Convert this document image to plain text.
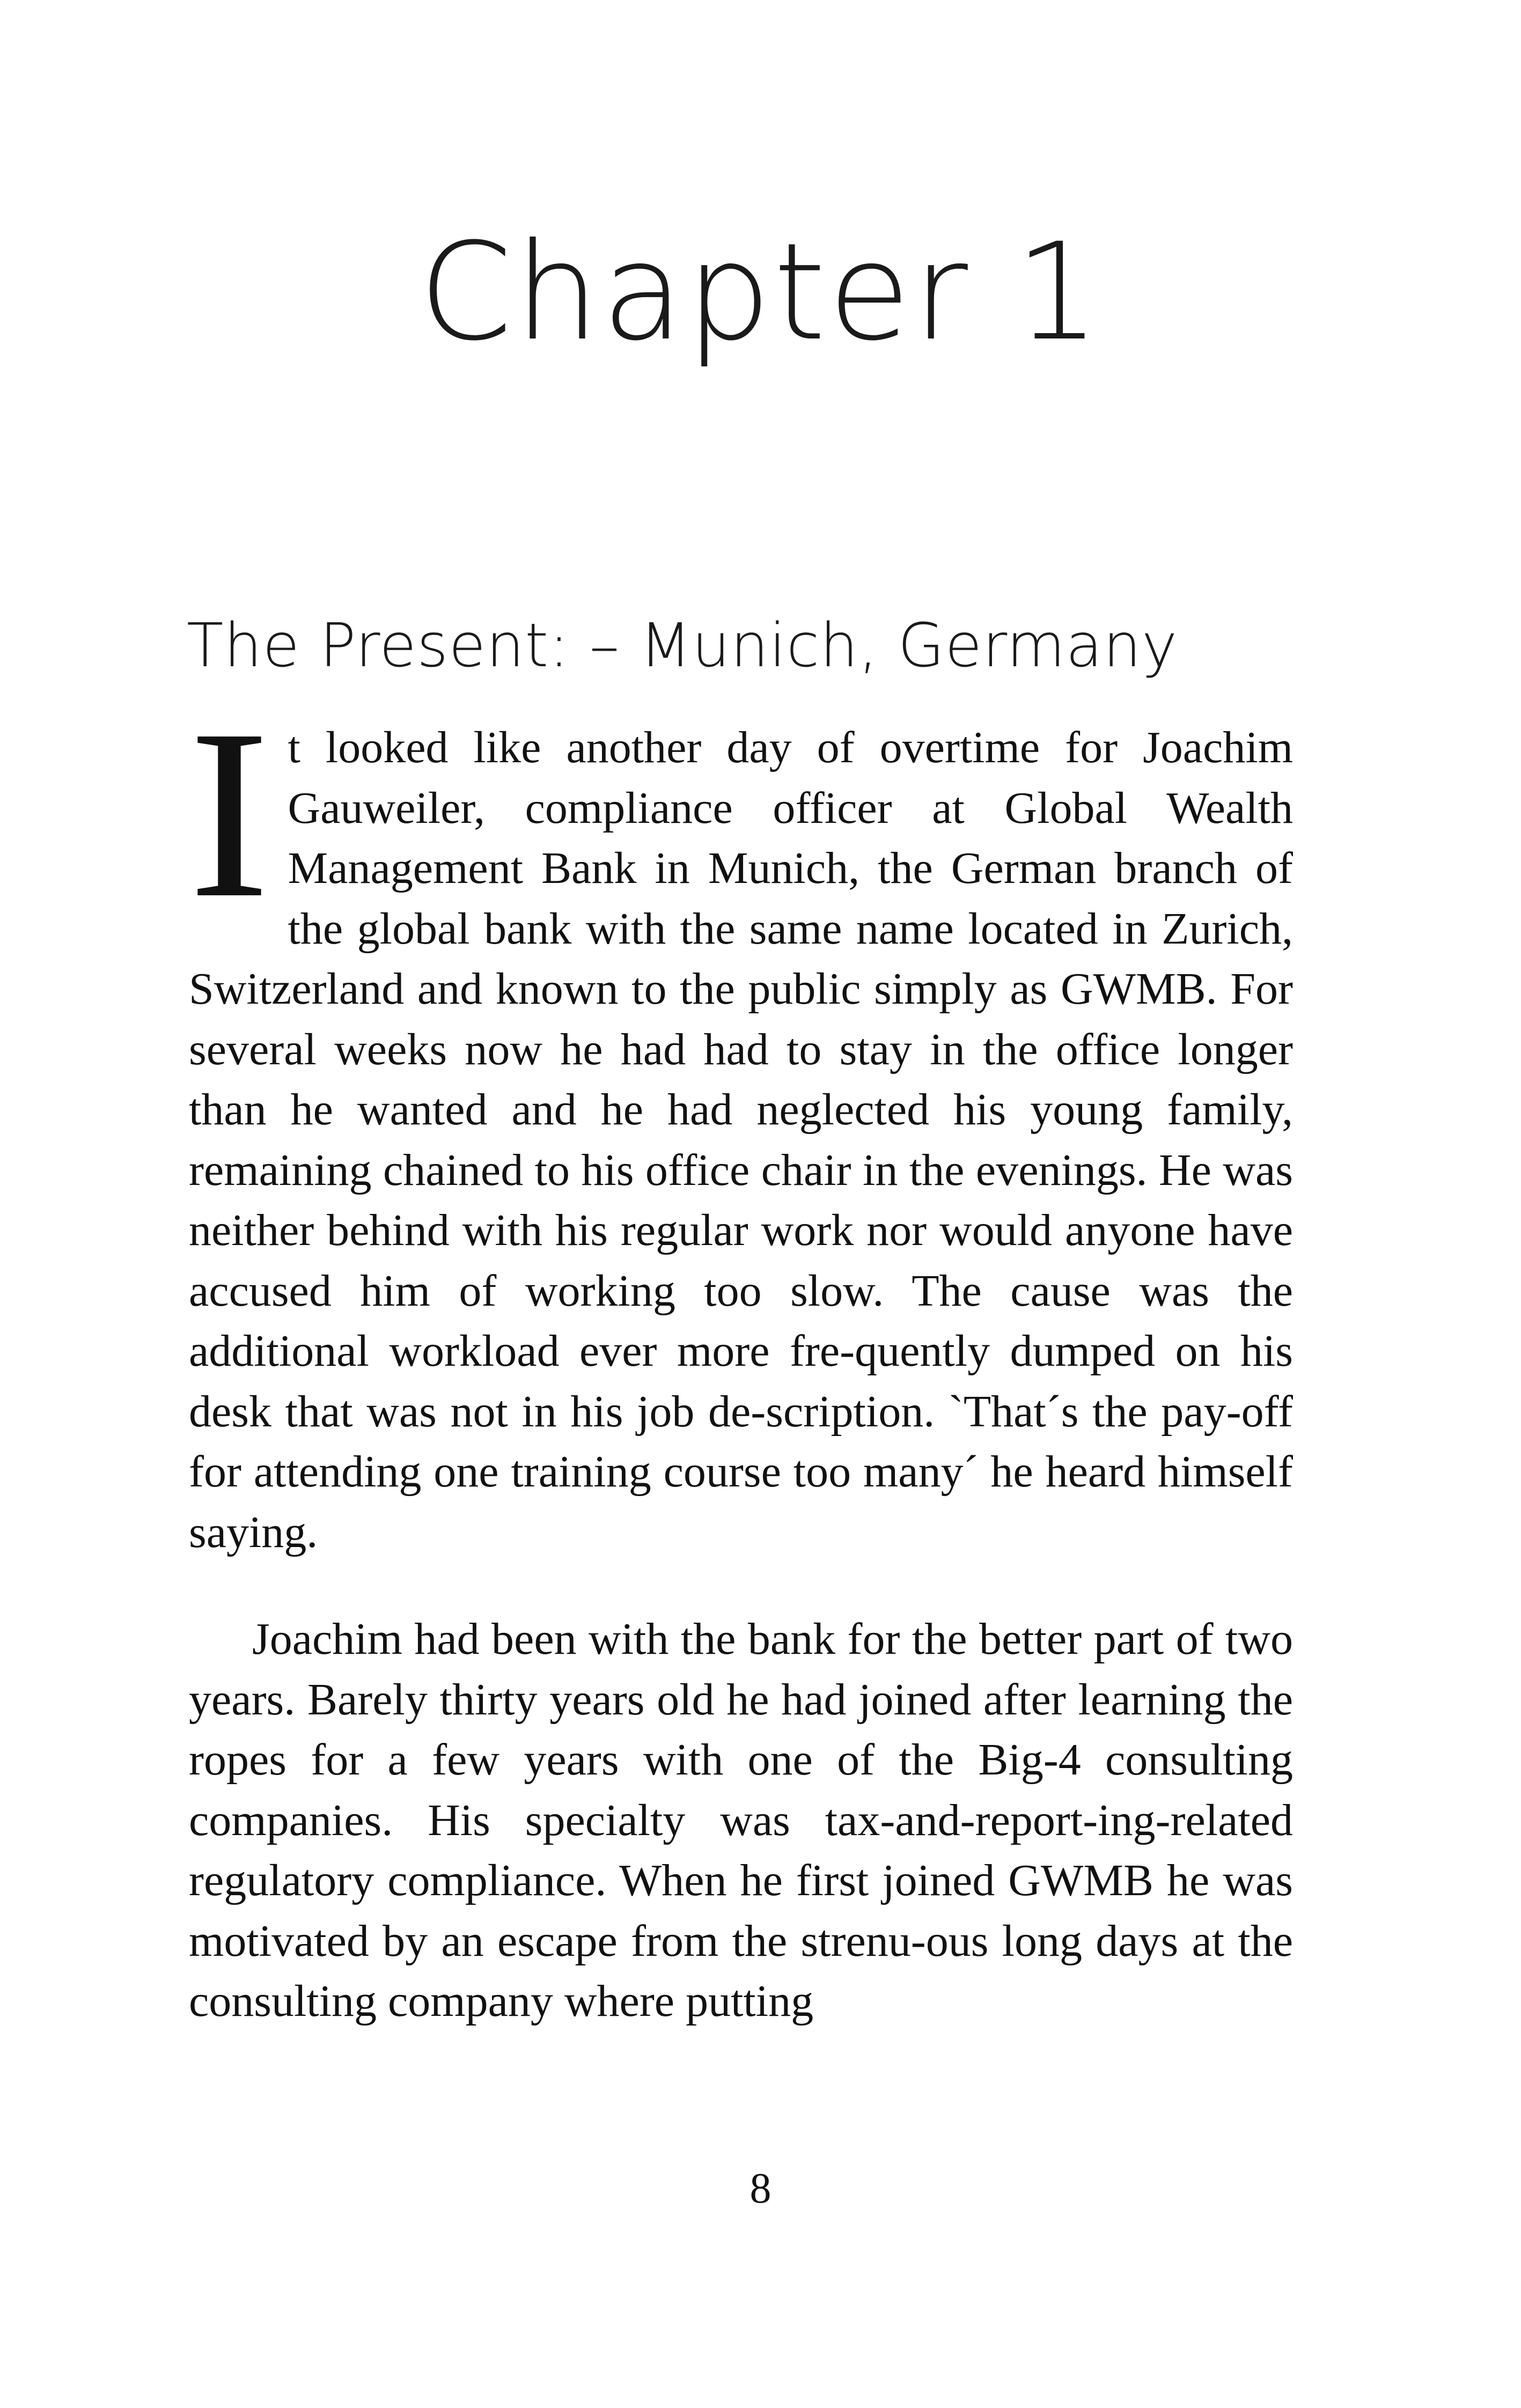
Chapter 1
The Present: – Munich, Germany

It looked like another day of overtime for Joachim Gauweiler, compliance officer at Global Wealth Management Bank in Munich, the German branch of the global bank with the same name located in Zurich, Switzerland and known to the public simply as GWMB. For several weeks now he had had to stay in the office longer than he wanted and he had neglected his young family, remaining chained to his office chair in the evenings. He was neither behind with his regular work nor would anyone have accused him of working too slow. The cause was the additional workload ever more fre-quently dumped on his desk that was not in his job de-scription. `That´s the pay-off for attending one training course too many´ he heard himself saying.

Joachim had been with the bank for the better part of two years. Barely thirty years old he had joined after learning the ropes for a few years with one of the Big-4 consulting companies. His specialty was tax-and-report-ing-related regulatory compliance. When he first joined GWMB he was motivated by an escape from the strenu-ous long days at the consulting company where putting

8
